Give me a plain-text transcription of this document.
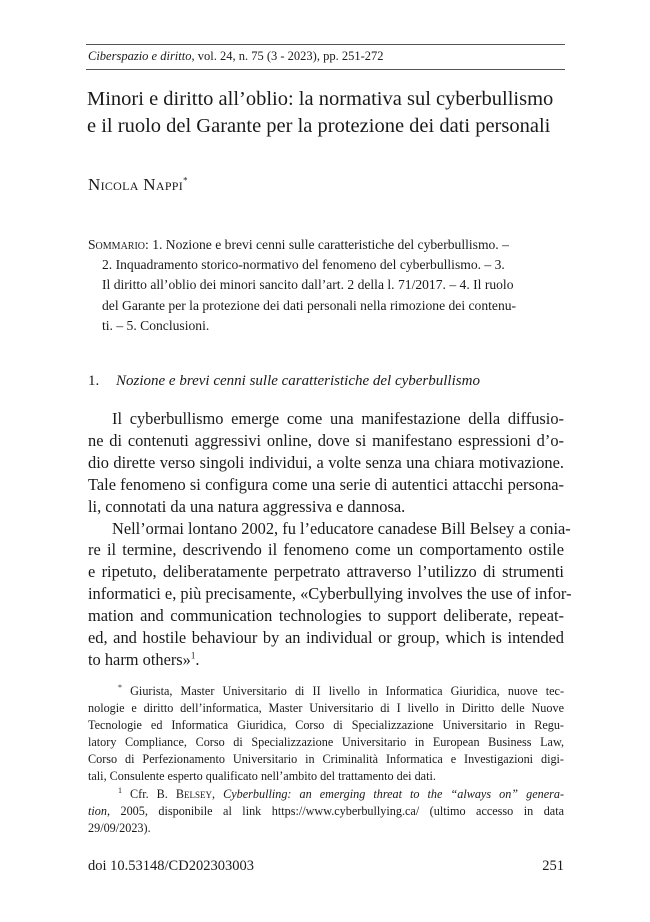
Ciberspazio e diritto, vol. 24, n. 75 (3 - 2023), pp. 251-272
Minori e diritto all’oblio: la normativa sul cyberbullismo
e il ruolo del Garante per la protezione dei dati personali
Nicola Nappi*
Sommario: 1. Nozione e brevi cenni sulle caratteristiche del cyberbullismo. –
2. Inquadramento storico-normativo del fenomeno del cyberbullismo. – 3.
Il diritto all’oblio dei minori sancito dall’art. 2 della l. 71/2017. – 4. Il ruolo
del Garante per la protezione dei dati personali nella rimozione dei contenu-
ti. – 5. Conclusioni.
1. Nozione e brevi cenni sulle caratteristiche del cyberbullismo
Il cyberbullismo emerge come una manifestazione della diffusio-
ne di contenuti aggressivi online, dove si manifestano espressioni d’o-
dio dirette verso singoli individui, a volte senza una chiara motivazione.
Tale fenomeno si configura come una serie di autentici attacchi persona-
li, connotati da una natura aggressiva e dannosa.
Nell’ormai lontano 2002, fu l’educatore canadese Bill Belsey a conia-
re il termine, descrivendo il fenomeno come un comportamento ostile
e ripetuto, deliberatamente perpetrato attraverso l’utilizzo di strumenti
informatici e, più precisamente, «Cyberbullying involves the use of infor-
mation and communication technologies to support deliberate, repeat-
ed, and hostile behaviour by an individual or group, which is intended
to harm others»$^1$.
* Giurista, Master Universitario di II livello in Informatica Giuridica, nuove tec-
nologie e diritto dell’informatica, Master Universitario di I livello in Diritto delle Nuove
Tecnologie ed Informatica Giuridica, Corso di Specializzazione Universitario in Regu-
latory Compliance, Corso di Specializzazione Universitario in European Business Law,
Corso di Perfezionamento Universitario in Criminalità Informatica e Investigazioni digi-
tali, Consulente esperto qualificato nell’ambito del trattamento dei dati.
$^1$ Cfr. B. Belsey, Cyberbulling: an emerging threat to the “always on” genera-
tion, 2005, disponibile al link https://www.cyberbullying.ca/ (ultimo accesso in data
29/09/2023).
doi 10.53148/CD202303003	251
